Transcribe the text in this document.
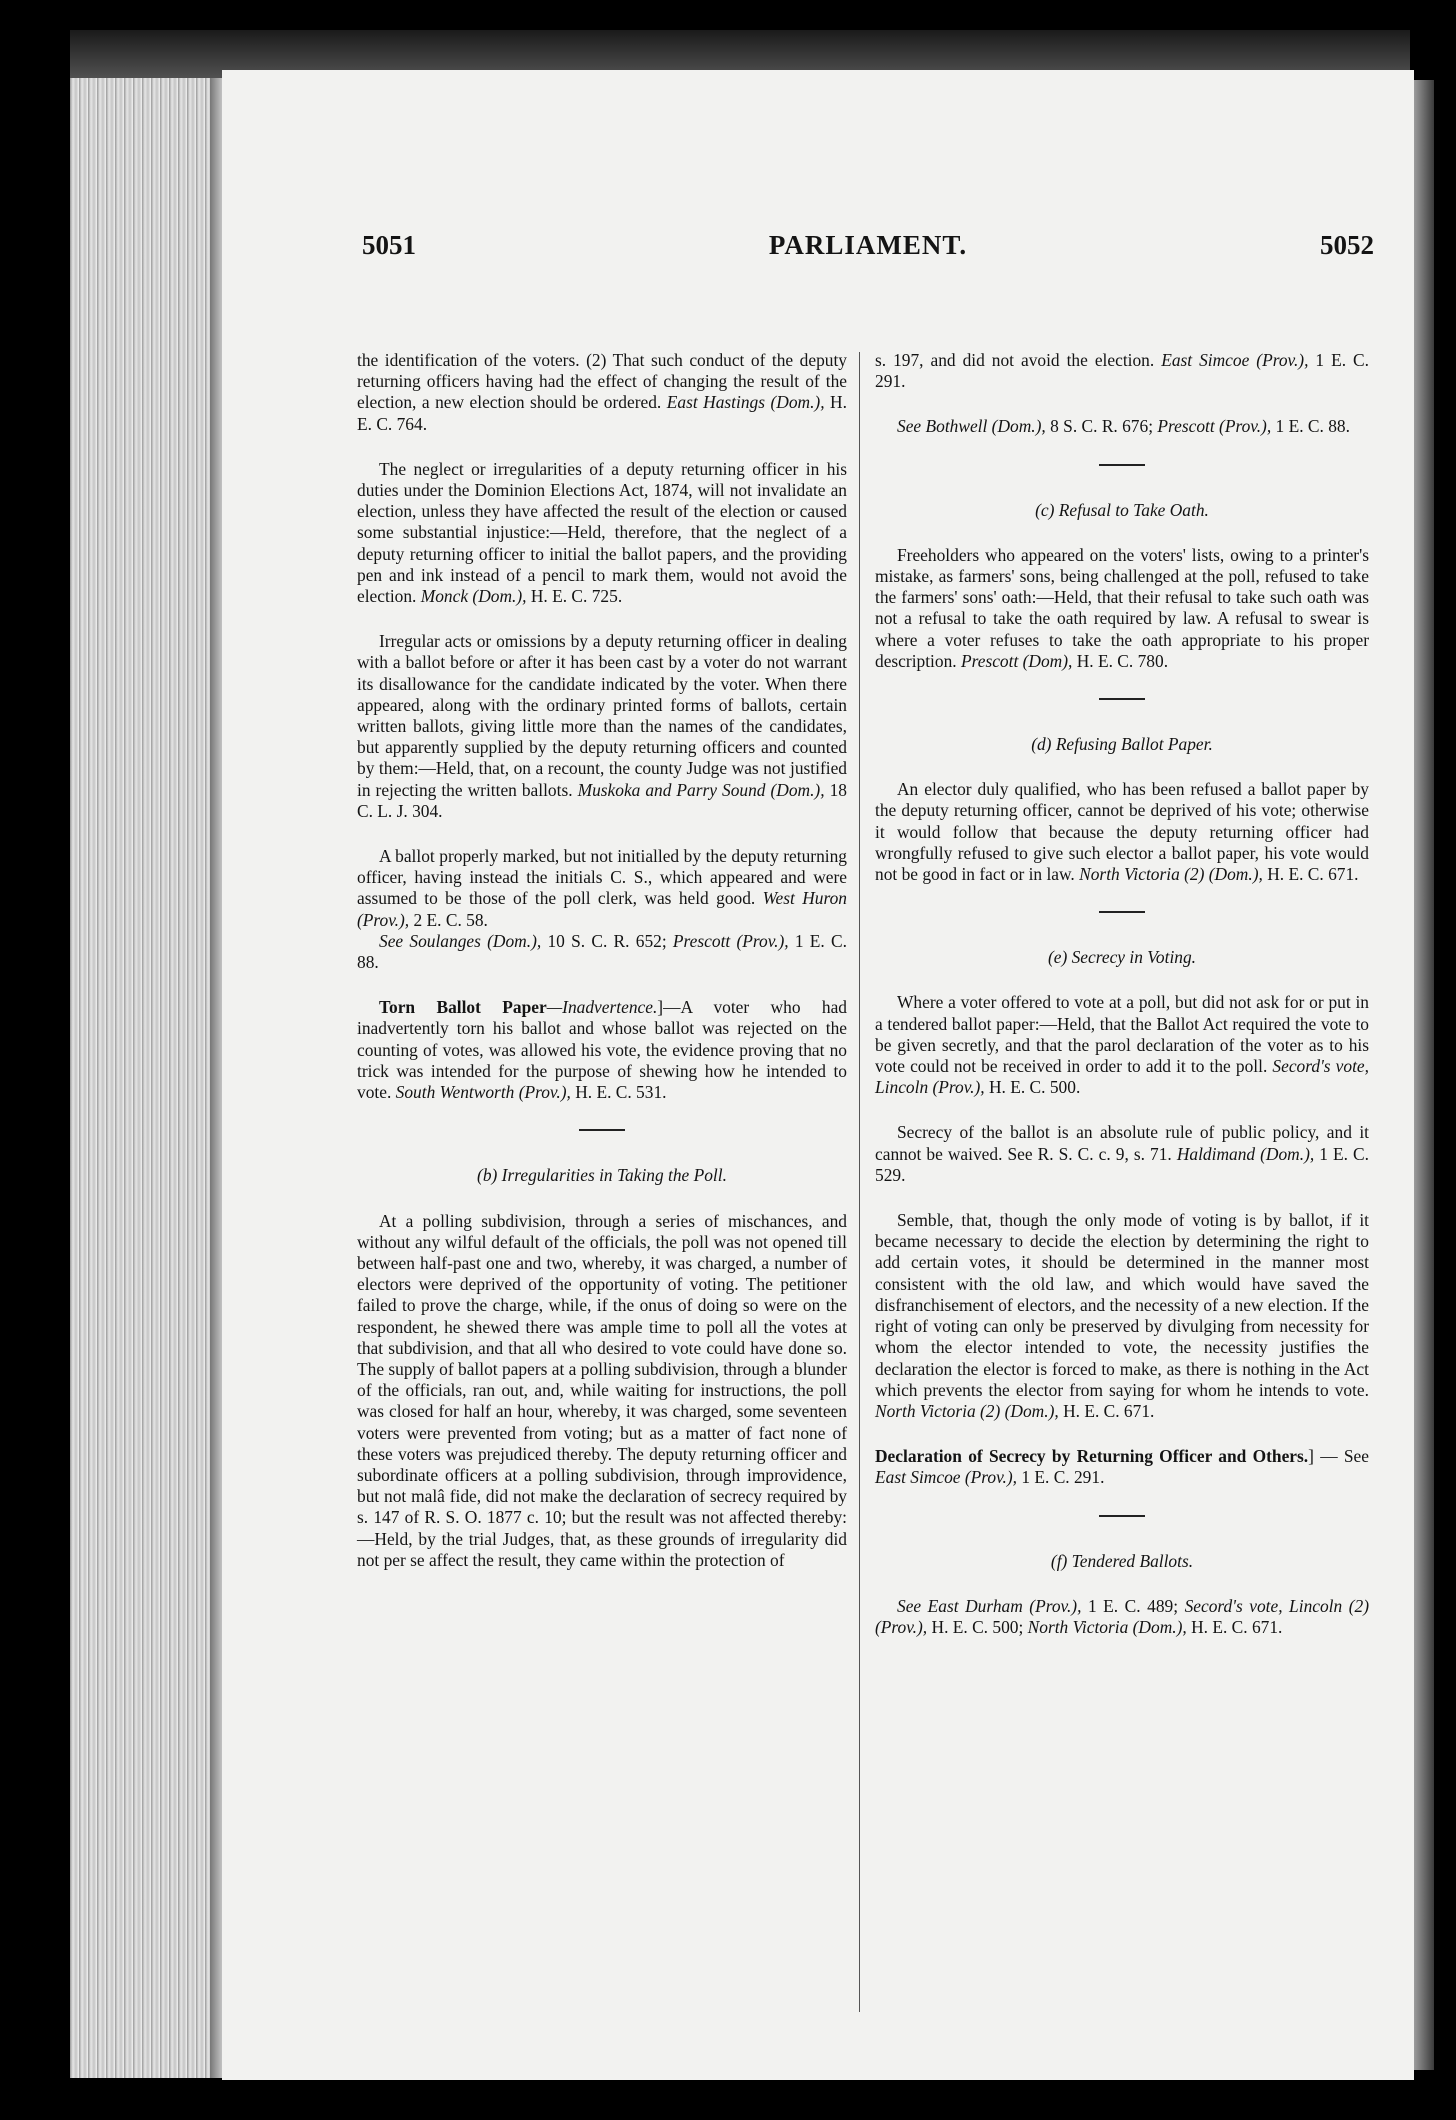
5051	PARLIAMENT.	5052

the identification of the voters. (2) That such conduct of the deputy returning officers having had the effect of changing the result of the election, a new election should be ordered. East Hastings (Dom.), H. E. C. 764.

The neglect or irregularities of a deputy returning officer in his duties under the Dominion Elections Act, 1874, will not invalidate an election, unless they have affected the result of the election or caused some substantial injustice:—Held, therefore, that the neglect of a deputy returning officer to initial the ballot papers, and the providing pen and ink instead of a pencil to mark them, would not avoid the election. Monck (Dom.), H. E. C. 725.

Irregular acts or omissions by a deputy returning officer in dealing with a ballot before or after it has been cast by a voter do not warrant its disallowance for the candidate indicated by the voter. When there appeared, along with the ordinary printed forms of ballots, certain written ballots, giving little more than the names of the candidates, but apparently supplied by the deputy returning officers and counted by them:—Held, that, on a recount, the county Judge was not justified in rejecting the written ballots. Muskoka and Parry Sound (Dom.), 18 C. L. J. 304.

A ballot properly marked, but not initialled by the deputy returning officer, having instead the initials C. S., which appeared and were assumed to be those of the poll clerk, was held good. West Huron (Prov.), 2 E. C. 58.

See Soulanges (Dom.), 10 S. C. R. 652; Prescott (Prov.), 1 E. C. 88.

Torn Ballot Paper—Inadvertence.]—A voter who had inadvertently torn his ballot and whose ballot was rejected on the counting of votes, was allowed his vote, the evidence proving that no trick was intended for the purpose of shewing how he intended to vote. South Wentworth (Prov.), H. E. C. 531.

(b) Irregularities in Taking the Poll.

At a polling subdivision, through a series of mischances, and without any wilful default of the officials, the poll was not opened till between half-past one and two, whereby, it was charged, a number of electors were deprived of the opportunity of voting. The petitioner failed to prove the charge, while, if the onus of doing so were on the respondent, he shewed there was ample time to poll all the votes at that subdivision, and that all who desired to vote could have done so. The supply of ballot papers at a polling subdivision, through a blunder of the officials, ran out, and, while waiting for instructions, the poll was closed for half an hour, whereby, it was charged, some seventeen voters were prevented from voting; but as a matter of fact none of these voters was prejudiced thereby. The deputy returning officer and subordinate officers at a polling subdivision, through improvidence, but not malâ fide, did not make the declaration of secrecy required by s. 147 of R. S. O. 1877 c. 10; but the result was not affected thereby:—Held, by the trial Judges, that, as these grounds of irregularity did not per se affect the result, they came within the protection of

s. 197, and did not avoid the election. East Simcoe (Prov.), 1 E. C. 291.

See Bothwell (Dom.), 8 S. C. R. 676; Prescott (Prov.), 1 E. C. 88.

(c) Refusal to Take Oath.

Freeholders who appeared on the voters' lists, owing to a printer's mistake, as farmers' sons, being challenged at the poll, refused to take the farmers' sons' oath:—Held, that their refusal to take such oath was not a refusal to take the oath required by law. A refusal to swear is where a voter refuses to take the oath appropriate to his proper description. Prescott (Dom), H. E. C. 780.

(d) Refusing Ballot Paper.

An elector duly qualified, who has been refused a ballot paper by the deputy returning officer, cannot be deprived of his vote; otherwise it would follow that because the deputy returning officer had wrongfully refused to give such elector a ballot paper, his vote would not be good in fact or in law. North Victoria (2) (Dom.), H. E. C. 671.

(e) Secrecy in Voting.

Where a voter offered to vote at a poll, but did not ask for or put in a tendered ballot paper:—Held, that the Ballot Act required the vote to be given secretly, and that the parol declaration of the voter as to his vote could not be received in order to add it to the poll. Secord's vote, Lincoln (Prov.), H. E. C. 500.

Secrecy of the ballot is an absolute rule of public policy, and it cannot be waived. See R. S. C. c. 9, s. 71. Haldimand (Dom.), 1 E. C. 529.

Semble, that, though the only mode of voting is by ballot, if it became necessary to decide the election by determining the right to add certain votes, it should be determined in the manner most consistent with the old law, and which would have saved the disfranchisement of electors, and the necessity of a new election. If the right of voting can only be preserved by divulging from necessity for whom the elector intended to vote, the necessity justifies the declaration the elector is forced to make, as there is nothing in the Act which prevents the elector from saying for whom he intends to vote. North Victoria (2) (Dom.), H. E. C. 671.

Declaration of Secrecy by Returning Officer and Others.] — See East Simcoe (Prov.), 1 E. C. 291.

(f) Tendered Ballots.

See East Durham (Prov.), 1 E. C. 489; Secord's vote, Lincoln (2) (Prov.), H. E. C. 500; North Victoria (Dom.), H. E. C. 671.
